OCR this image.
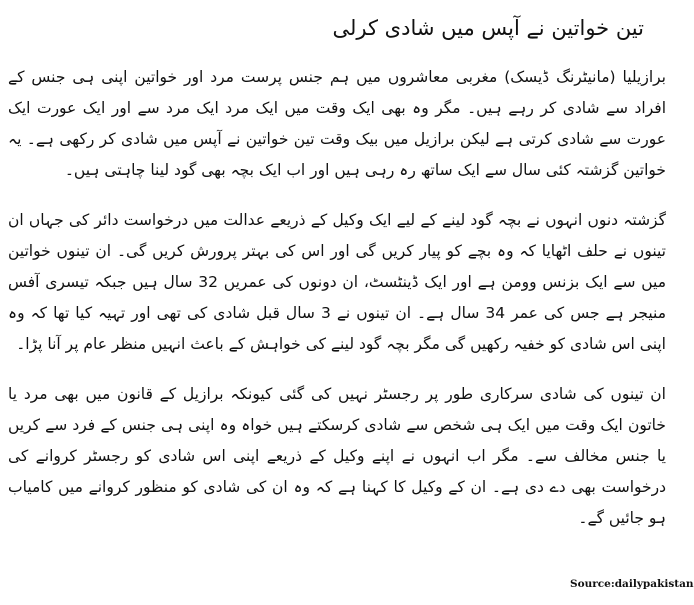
تین خواتین نے آپس میں شادی کرلی

برازیلیا (مانیٹرنگ ڈیسک) مغربی معاشروں میں ہم جنس پرست مرد اور خواتین اپنی ہی جنس کے افراد سے شادی کر رہے ہیں۔ مگر وہ بھی ایک وقت میں ایک مرد ایک مرد سے اور ایک عورت ایک عورت سے شادی کرتی ہے لیکن برازیل میں بیک وقت تین خواتین نے آپس میں شادی کر رکھی ہے۔ یہ خواتین گزشتہ کئی سال سے ایک ساتھ رہ رہی ہیں اور اب ایک بچہ بھی گود لینا چاہتی ہیں۔

گزشتہ دنوں انہوں نے بچہ گود لینے کے لیے ایک وکیل کے ذریعے عدالت میں درخواست دائر کی جہاں ان تینوں نے حلف اٹھایا کہ وہ بچے کو پیار کریں گی اور اس کی بہتر پرورش کریں گی۔ ان تینوں خواتین میں سے ایک بزنس وومن ہے اور ایک ڈینٹسٹ، ان دونوں کی عمریں 32 سال ہیں جبکہ تیسری آفس منیجر ہے جس کی عمر 34 سال ہے۔ ان تینوں نے 3 سال قبل شادی کی تھی اور تہیہ کیا تھا کہ وہ اپنی اس شادی کو خفیہ رکھیں گی مگر بچہ گود لینے کی خواہش کے باعث انہیں منظر عام پر آنا پڑا۔

ان تینوں کی شادی سرکاری طور پر رجسٹر نہیں کی گئی کیونکہ برازیل کے قانون میں بھی مرد یا خاتون ایک وقت میں ایک ہی شخص سے شادی کرسکتے ہیں خواہ وہ اپنی ہی جنس کے فرد سے کریں یا جنس مخالف سے۔ مگر اب انہوں نے اپنے وکیل کے ذریعے اپنی اس شادی کو رجسٹر کروانے کی درخواست بھی دے دی ہے۔ ان کے وکیل کا کہنا ہے کہ وہ ان کی شادی کو منظور کروانے میں کامیاب ہو جائیں گے۔

Source:dailypakistan
